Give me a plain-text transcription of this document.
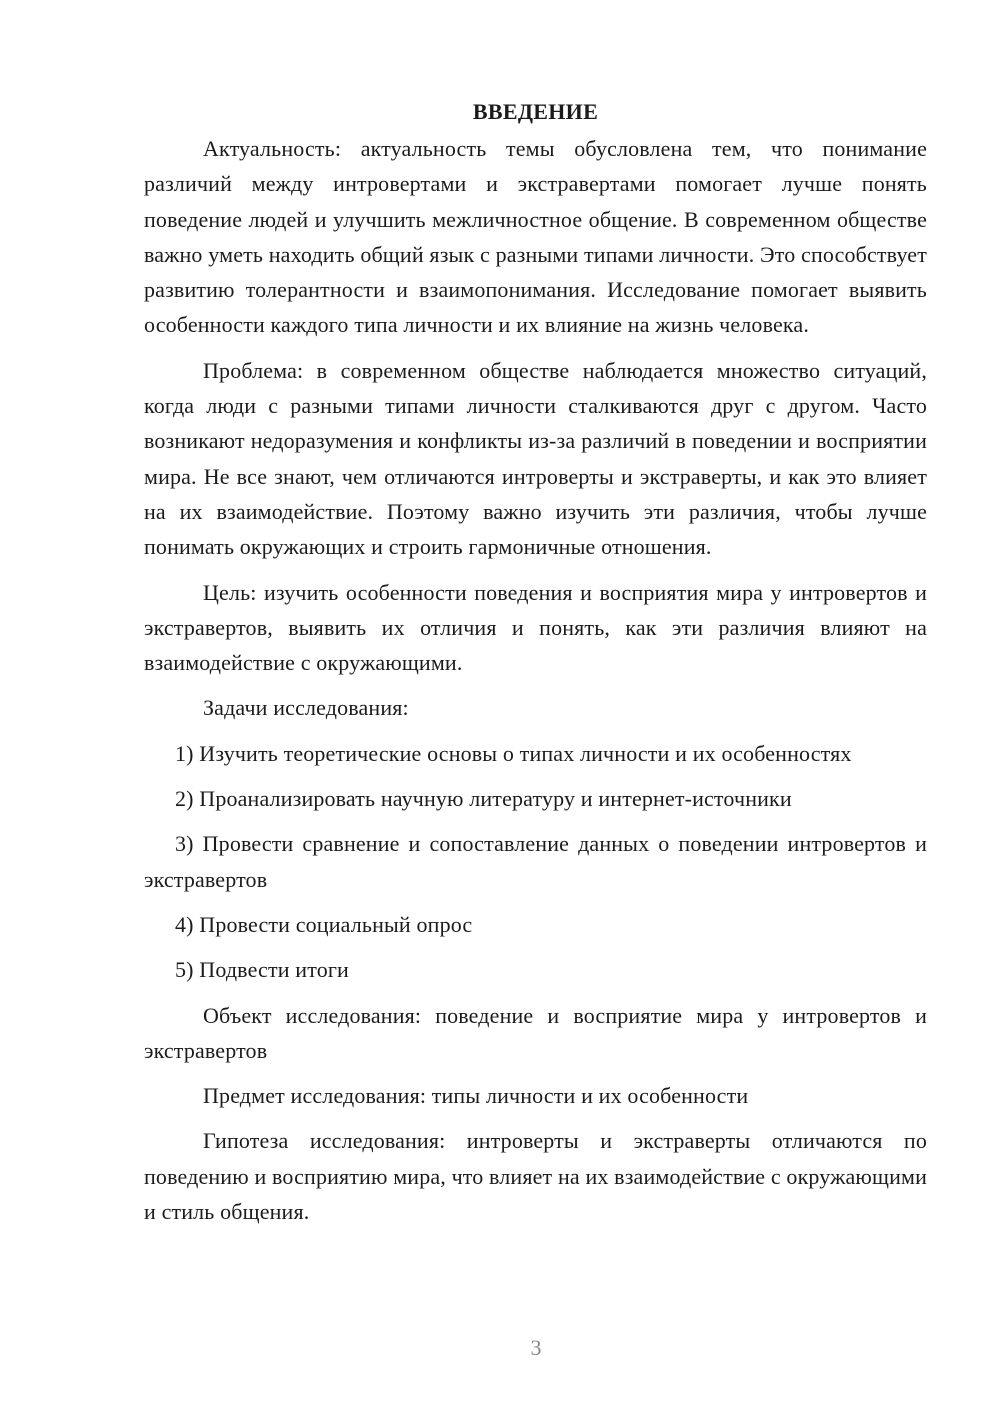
ВВЕДЕНИЕ

Актуальность: актуальность темы обусловлена тем, что понимание различий между интровертами и экстравертами помогает лучше понять поведение людей и улучшить межличностное общение. В современном обществе важно уметь находить общий язык с разными типами личности. Это способствует развитию толерантности и взаимопонимания. Исследование помогает выявить особенности каждого типа личности и их влияние на жизнь человека.

Проблема: в современном обществе наблюдается множество ситуаций, когда люди с разными типами личности сталкиваются друг с другом. Часто возникают недоразумения и конфликты из-за различий в поведении и восприятии мира. Не все знают, чем отличаются интроверты и экстраверты, и как это влияет на их взаимодействие. Поэтому важно изучить эти различия, чтобы лучше понимать окружающих и строить гармоничные отношения.

Цель: изучить особенности поведения и восприятия мира у интровертов и экстравертов, выявить их отличия и понять, как эти различия влияют на взаимодействие с окружающими.

Задачи исследования:

1) Изучить теоретические основы о типах личности и их особенностях

2) Проанализировать научную литературу и интернет-источники

3) Провести сравнение и сопоставление данных о поведении интровертов и экстравертов

4) Провести социальный опрос

5) Подвести итоги

Объект исследования: поведение и восприятие мира у интровертов и экстравертов

Предмет исследования: типы личности и их особенности

Гипотеза исследования: интроверты и экстраверты отличаются по поведению и восприятию мира, что влияет на их взаимодействие с окружающими и стиль общения.

3
